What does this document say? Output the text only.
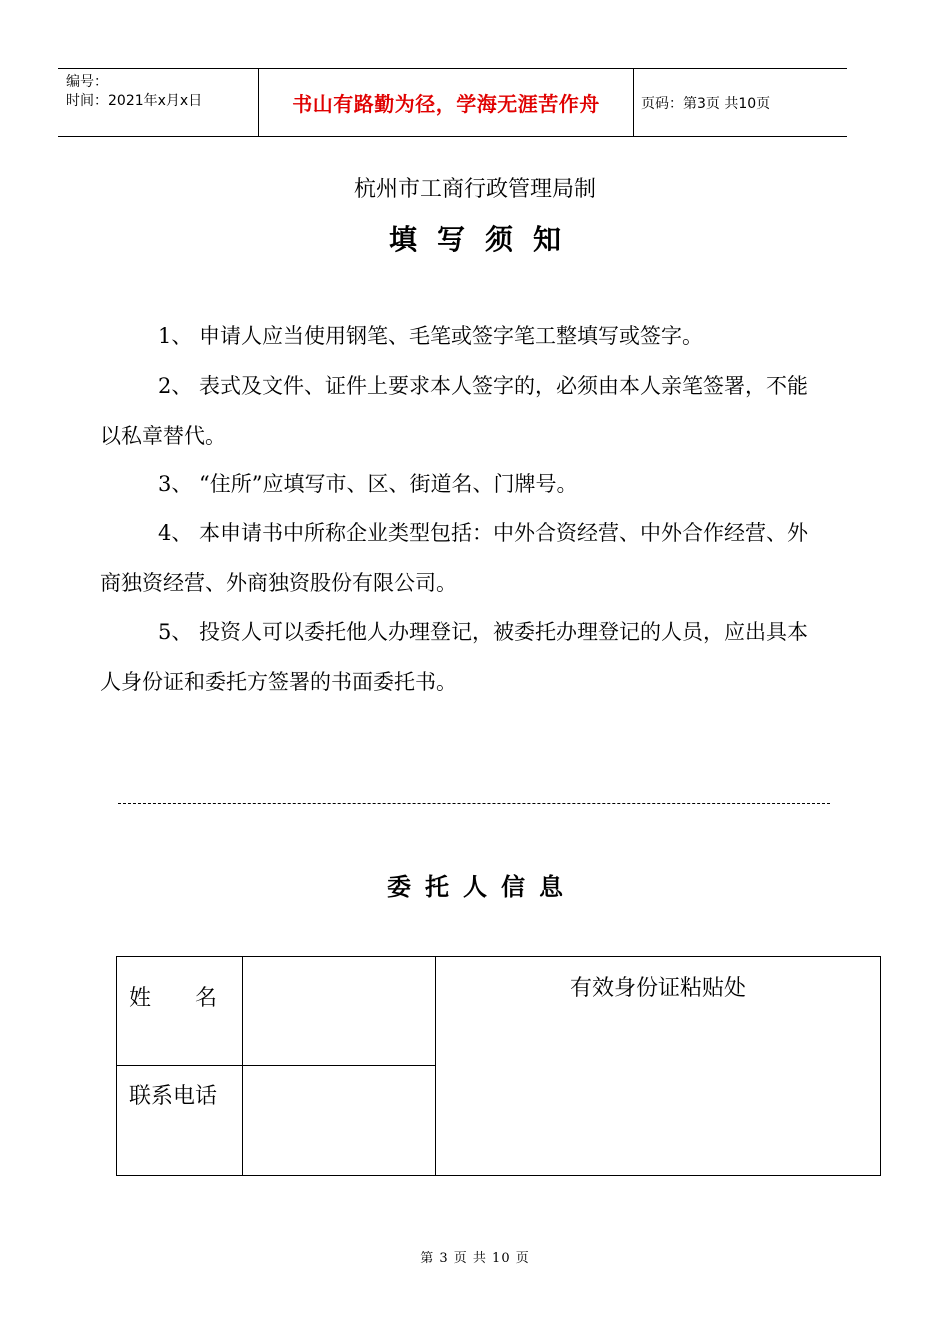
编号：
时间：2021年x月x日	书山有路勤为径，学海无涯苦作舟	页码：第3页 共10页
杭州市工商行政管理局制
填写须知

1、 申请人应当使用钢笔、毛笔或签字笔工整填写或签字。

2、 表式及文件、证件上要求本人签字的，必须由本人亲笔签署，不能以私章替代。

3、 “住所”应填写市、区、街道名、门牌号。

4、 本申请书中所称企业类型包括：中外合资经营、中外合作经营、外商独资经营、外商独资股份有限公司。

5、 投资人可以委托他人办理登记，被委托办理登记的人员，应出具本人身份证和委托方签署的书面委托书。

委托人信息
姓　　名
联系电话
有效身份证粘贴处
第 3 页 共 10 页
